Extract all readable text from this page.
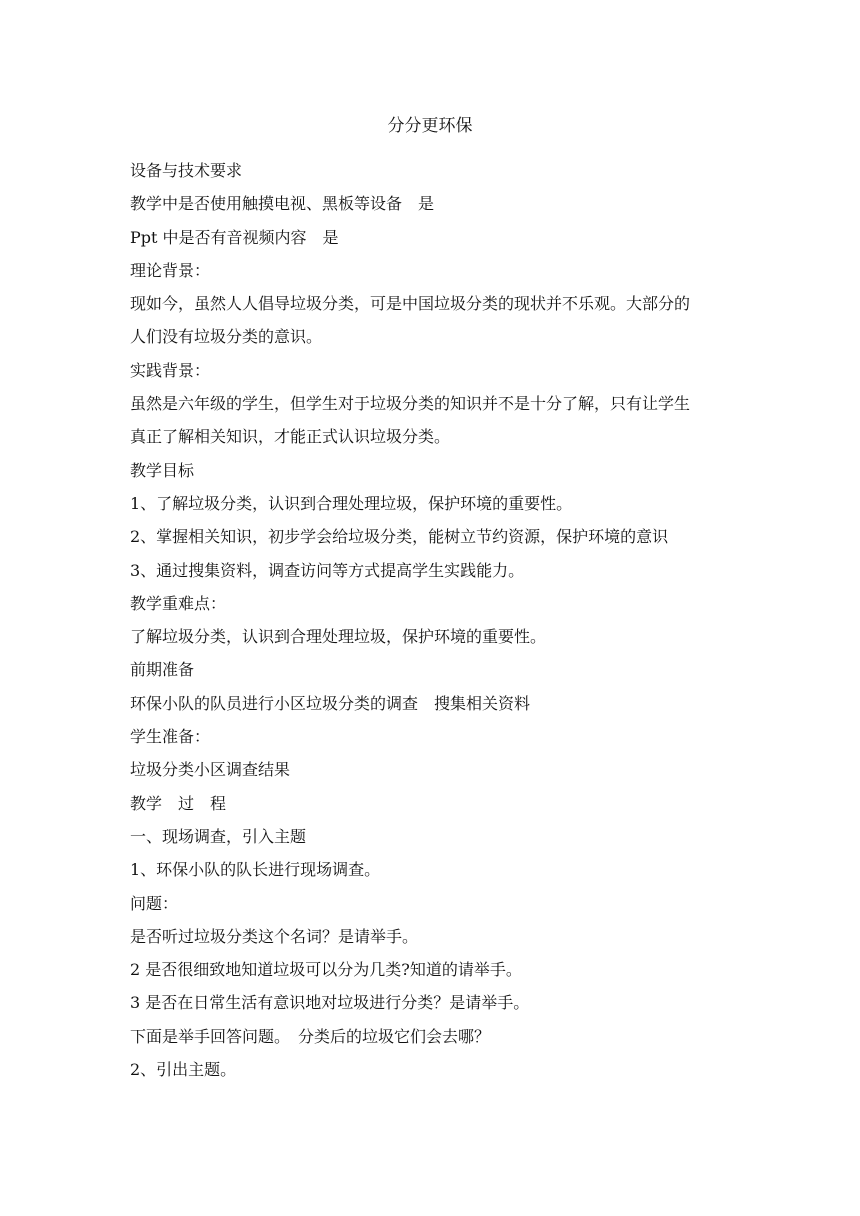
分分更环保
设备与技术要求
教学中是否使用触摸电视、黑板等设备　是
Ppt 中是否有音视频内容　是
理论背景：
现如今，虽然人人倡导垃圾分类，可是中国垃圾分类的现状并不乐观。大部分的
人们没有垃圾分类的意识。
实践背景：
虽然是六年级的学生，但学生对于垃圾分类的知识并不是十分了解，只有让学生
真正了解相关知识，才能正式认识垃圾分类。
教学目标
1、了解垃圾分类，认识到合理处理垃圾，保护环境的重要性。
2、掌握相关知识，初步学会给垃圾分类，能树立节约资源，保护环境的意识
3、通过搜集资料，调查访问等方式提高学生实践能力。
教学重难点：
了解垃圾分类，认识到合理处理垃圾，保护环境的重要性。
前期准备
环保小队的队员进行小区垃圾分类的调查　搜集相关资料
学生准备：
垃圾分类小区调查结果
教学　过　程
一、现场调查，引入主题
1、环保小队的队长进行现场调查。
问题：
是否听过垃圾分类这个名词？是请举手。
2 是否很细致地知道垃圾可以分为几类?知道的请举手。
3 是否在日常生活有意识地对垃圾进行分类？是请举手。
下面是举手回答问题。　分类后的垃圾它们会去哪？
2、引出主题。
